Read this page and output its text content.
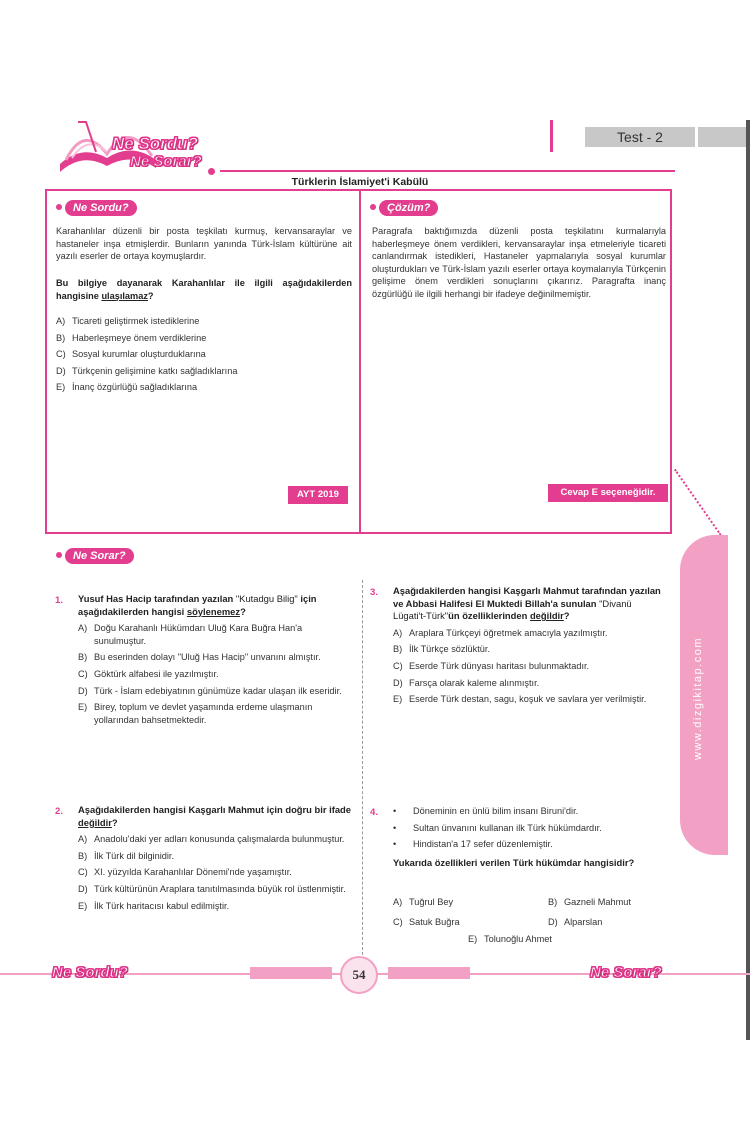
Ne Sordu?
Ne Sorar?
Test - 2
Türklerin İslamiyet'i Kabülü
Ne Sordu?
Karahanlılar düzenli bir posta teşkilatı kurmuş, kervansaraylar ve hastaneler inşa etmişlerdir. Bunların yanında Türk-İslam kültürüne ait yazılı eserler de ortaya koymuşlardır.
Bu bilgiye dayanarak Karahanlılar ile ilgili aşağıdakilerden hangisine ulaşılamaz?
A) Ticareti geliştirmek istediklerine
B) Haberleşmeye önem verdiklerine
C) Sosyal kurumlar oluşturduklarına
D) Türkçenin gelişimine katkı sağladıklarına
E) İnanç özgürlüğü sağladıklarına
AYT 2019
Çözüm?
Paragrafa baktığımızda düzenli posta teşkilatını kurmalarıyla haberleşmeye önem verdikleri, kervansaraylar inşa etmeleriyle ticareti canlandırmak istedikleri, Hastaneler yapmalarıyla sosyal kurumlar oluşturdukları ve Türk-İslam yazılı eserler ortaya koymalarıyla Türkçenin gelişime önem verdikleri sonuçlarını çıkarırız. Paragrafta inanç özgürlüğü ile ilgili herhangi bir ifadeye değinilmemiştir.
Cevap E seçeneğidir.
Ne Sorar?
1. Yusuf Has Hacip tarafından yazılan "Kutadgu Bilig" için aşağıdakilerden hangisi söylenemez?
A) Doğu Karahanlı Hükümdarı Uluğ Kara Buğra Han'a sunulmuştur.
B) Bu eserinden dolayı "Uluğ Has Hacip" unvanını almıştır.
C) Göktürk alfabesi ile yazılmıştır.
D) Türk - İslam edebiyatının günümüze kadar ulaşan ilk eseridir.
E) Birey, toplum ve devlet yaşamında erdeme ulaşmanın yollarından bahsetmektedir.
2. Aşağıdakilerden hangisi Kaşgarlı Mahmut için doğru bir ifade değildir?
A) Anadolu'daki yer adları konusunda çalışmalarda bulunmuştur.
B) İlk Türk dil bilginidir.
C) XI. yüzyılda Karahanlılar Dönemi'nde yaşamıştır.
D) Türk kültürünün Araplara tanıtılmasında büyük rol üstlenmiştir.
E) İlk Türk haritacısı kabul edilmiştir.
3. Aşağıdakilerden hangisi Kaşgarlı Mahmut tarafından yazılan ve Abbasi Halifesi El Muktedi Billah'a sunulan "Divanü Lügati't-Türk"ün özelliklerinden değildir?
A) Araplara Türkçeyi öğretmek amacıyla yazılmıştır.
B) İlk Türkçe sözlüktür.
C) Eserde Türk dünyası haritası bulunmaktadır.
D) Farsça olarak kaleme alınmıştır.
E) Eserde Türk destan, sagu, koşuk ve savlara yer verilmiştir.
4. •	Döneminin en ünlü bilim insanı Biruni'dir.
•	Sultan ünvanını kullanan ilk Türk hükümdardır.
•	Hindistan'a 17 sefer düzenlemiştir.
Yukarıda özellikleri verilen Türk hükümdar hangisidir?
A) Tuğrul Bey	B) Gazneli Mahmut
C) Satuk Buğra	D) Alparslan
E) Tolunoğlu Ahmet
www.dizgikitap.com
Ne Sordu?	54	Ne Sorar?
